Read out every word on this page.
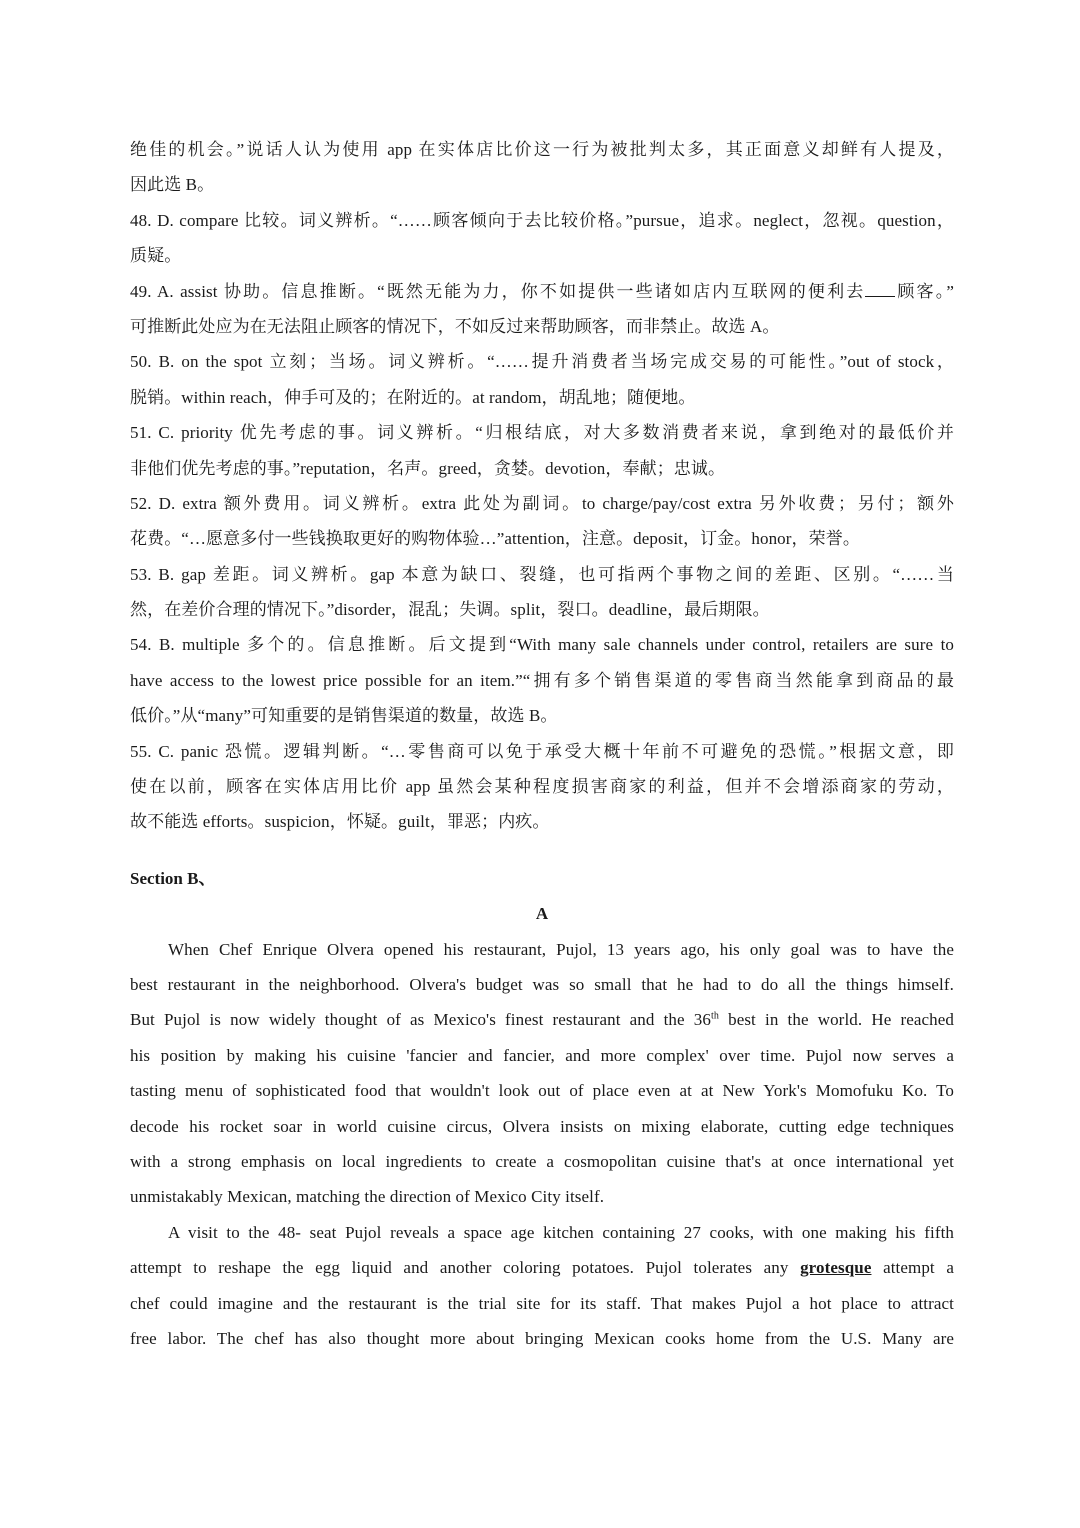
绝佳的机会。”说话人认为使用 app 在实体店比价这一行为被批判太多，其正面意义却鲜有人提及，
因此选 B。
48. D. compare 比较。词义辨析。“……顾客倾向于去比较价格。”pursue，追求。neglect，忽视。question，
质疑。
49. A. assist 协助。信息推断。“既然无能为力，你不如提供一些诸如店内互联网的便利去 顾客。”
可推断此处应为在无法阻止顾客的情况下，不如反过来帮助顾客，而非禁止。故选 A。
50. B. on the spot 立刻；当场。词义辨析。“……提升消费者当场完成交易的可能性。”out of stock，
脱销。within reach，伸手可及的；在附近的。at random，胡乱地；随便地。
51. C. priority 优先考虑的事。词义辨析。“归根结底，对大多数消费者来说，拿到绝对的最低价并
非他们优先考虑的事。”reputation，名声。greed，贪婪。devotion，奉献；忠诚。
52. D. extra 额外费用。词义辨析。extra 此处为副词。to charge/pay/cost extra 另外收费；另付；额外
花费。“…愿意多付一些钱换取更好的购物体验…”attention，注意。deposit，订金。honor，荣誉。
53. B. gap 差距。词义辨析。gap 本意为缺口、裂缝，也可指两个事物之间的差距、区别。“……当
然，在差价合理的情况下。”disorder，混乱；失调。split，裂口。deadline，最后期限。
54. B. multiple 多个的。信息推断。后文提到“With many sale channels under control, retailers are sure to
have access to the lowest price possible for an item.”“拥有多个销售渠道的零售商当然能拿到商品的最
低价。”从“many”可知重要的是销售渠道的数量，故选 B。
55. C. panic 恐慌。逻辑判断。“…零售商可以免于承受大概十年前不可避免的恐慌。”根据文意，即
使在以前，顾客在实体店用比价 app 虽然会某种程度损害商家的利益，但并不会增添商家的劳动，
故不能选 efforts。suspicion，怀疑。guilt，罪恶；内疚。
Section B、
A
When Chef Enrique Olvera opened his restaurant, Pujol, 13 years ago, his only goal was to have the
best restaurant in the neighborhood. Olvera's budget was so small that he had to do all the things himself.
But Pujol is now widely thought of as Mexico's finest restaurant and the 36th best in the world. He reached
his position by making his cuisine 'fancier and fancier, and more complex' over time. Pujol now serves a
tasting menu of sophisticated food that wouldn't look out of place even at at New York's Momofuku Ko. To
decode his rocket soar in world cuisine circus, Olvera insists on mixing elaborate, cutting edge techniques
with a strong emphasis on local ingredients to create a cosmopolitan cuisine that's at once international yet
unmistakably Mexican, matching the direction of Mexico City itself.
A visit to the 48- seat Pujol reveals a space age kitchen containing 27 cooks, with one making his fifth
attempt to reshape the egg liquid and another coloring potatoes. Pujol tolerates any grotesque attempt a
chef could imagine and the restaurant is the trial site for its staff. That makes Pujol a hot place to attract
free labor. The chef has also thought more about bringing Mexican cooks home from the U.S. Many are
